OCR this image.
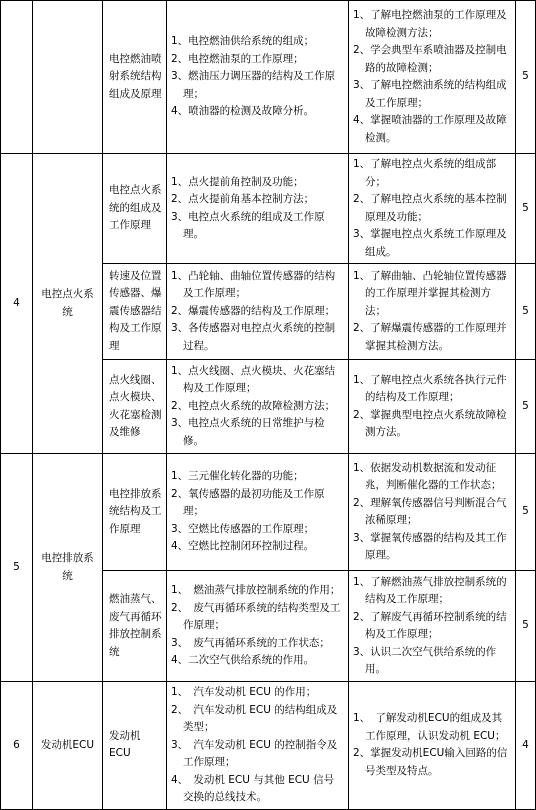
		电控燃油喷射系统结构组成及原理	1、电控燃油供给系统的组成；
2、电控燃油泵的工作原理；
3、燃油压力调压器的结构及工作原理；
4、喷油器的检测及故障分析。	1、了解电控燃油泵的工作原理及故障检测方法；
2、学会典型车系喷油器及控制电路的故障检测；
3、了解电控燃油系统的结构组成及工作原理；
4、掌握喷油器的工作原理及故障检测。	5
4	电控点火系统	电控点火系统的组成及工作原理	1、点火提前角控制及功能；
2、点火提前角基本控制方法；
3、电控点火系统的组成及工作原理。	1、了解电控点火系统的组成部分；
2、了解电控点火系统的基本控制原理及功能；
3、掌握电控点火系统工作原理及组成。	5
		转速及位置传感器、爆震传感器结构及工作原理	1、凸轮轴、曲轴位置传感器的结构及工作原理；
2、爆震传感器的结构及工作原理；
3、各传感器对电控点火系统的控制过程。	1、了解曲轴、凸轮轴位置传感器的工作原理并掌握其检测方法；
2、了解爆震传感器的工作原理并掌握其检测方法。	5
		点火线圈、点火模块、火花塞检测及维修	1、点火线圈、点火模块、火花塞结构及工作原理；
2、电控点火系统的故障检测方法；
3、电控点火系统的日常维护与检修。	1、了解电控点火系统各执行元件的结构及工作原理；
2、掌握典型电控点火系统故障检测方法。	5
5	电控排放系统	电控排放系统结构及工作原理	1、三元催化转化器的功能；
2、氧传感器的最初功能及工作原理；
3、空燃比传感器的工作原理；
4、空燃比控制闭环控制过程。	1、依据发动机数据流和发动征兆，判断催化器的工作状态；
2、理解氧传感器信号判断混合气浓稀原理；
3、掌握氧传感器的结构及其工作原理。	5
		燃油蒸气、废气再循环排放控制系统	1、　燃油蒸气排放控制系统的作用；
2、　废气再循环系统的结构类型及工作原理；
3、　废气再循环系统的工作状态；
4、二次空气供给系统的作用。	1、了解燃油蒸气排放控制系统的结构及工作原理；
2、了解废气再循环控制系统的结构及工作原理；
3、认识二次空气供给系统的作用。	5
6	发动机ECU	发动机ECU	1、　汽车发动机 ECU 的作用；
2、　汽车发动机 ECU 的结构组成及类型；
3、　汽车发动机 ECU 的控制指令及工作原理；
4、　发动机 ECU 与其他 ECU 信号交换的总线技术。	1、　了解发动机ECU的组成及其工作原理，认识发动机 ECU；
2、掌握发动机ECU输入回路的信号类型及特点。	4
